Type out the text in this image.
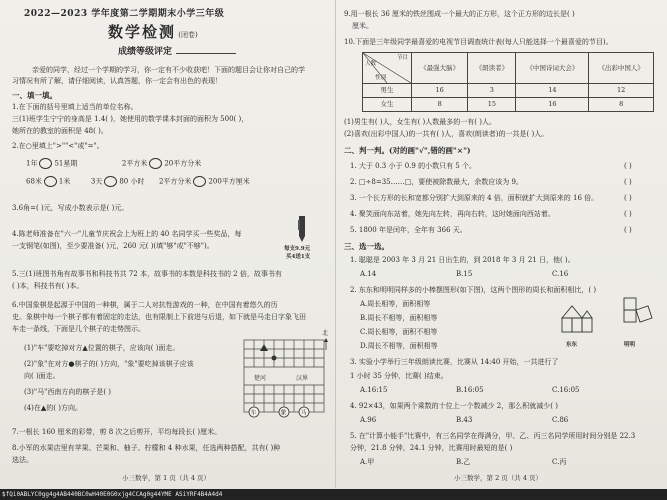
2022—2023 学年度第二学期期末小学三年级
数学检测 (闭卷)
成绩等级评定
亲爱的同学，经过一个学期的学习，你一定有不少收获吧！下面的题目会让你对自己的学
习情况有所了解，请仔细阅读，认真答题，你一定会有出色的表现！
一、填一填。
1.在下面的括号里填上适当的单位名称。
三(1)班学生宁宁的身高是 1.4( )，她使用的数学课本封面的面积为 500( )，
她所在的教室的面积是 48( )。
2.在○里填上">""<"或"="。
1年 51星期	2平方米 20平方分米
68米 1米	3天 80 小时 2平方分米 200平方厘米
3.6角=( )元，写成小数表示是( )元。
4.陈老师准备在"六一"儿童节庆祝会上为班上的 40 名同学买一些奖品，每
一支钢笔(如图)，至少要准备( )元，260 元( )(填"够"或"不够")。	每支9.9元
买4送1支
5.三(1)班图书角有故事书和科技书共 72 本，故事书的本数是科技书的 2 倍，故事书有
( )本，科技书有( )本。
6.中国象棋是起源于中国的一种棋，属于二人对抗性游戏的一种，在中国有着悠久的历
史。象棋中每一个棋子都有着固定的走法，也有限制上下前进与后退，如下就是马走日字象飞田
车走一条线，下面是几个棋子的走势图示。
(1)"车"要吃掉对方▲位置的棋子，应该向( )面走。
(2)"象"在对方●棋子的( )方向，"象"要吃掉该棋子应该
向( )面走。
(3)"马"西南方向的棋子是( )
(4)在▲的( )方向。
楚河	汉界
车	象 马
北
7.一根长 160 厘米的彩带，剪 8 次之后剪开，平均每段长( )厘米。
8.小军的水果店里有苹果、芒果和、柚子、柠檬和 4 种水果，任选两种搭配，共有( )种
选法。
小三数学，第 1 页（共 4 页）
9.用一根长 36 厘米的铁丝围成一个最大的正方形，这个正方形的边长是( )
厘米。
10.下面是三年级同学最喜爱的电视节目调查统计表(每人只能选择一个最喜爱的节目)。
节目
人数
性别	《最强大脑》	《朗读者》	《中国诗词大会》	《出彩中国人》
男生	16	3	14	12
女生	8	15	16	8
(1)男生有( )人，女生有( )人数最多的一有( )人。
(2)喜欢(出彩中国人)的一共有( )人，喜欢(朗读者)的一共是( )人。
二、判一判。(对的画"√",错的画"×")
1. 大于 0.3 小于 0.9 的小数只有 5 个。	( )
2. □÷8=35……□，要使被除数最大，余数应该为 9。	( )
3. 一个长方形的长和宽都分别扩大到原来的 4 倍，面积就扩大到原来的 16 倍。	( )
4. 聚笑面向东站着，她先向左转，再向右转，这时她面向西站着。	( )
5. 1800 年是闰年，全年有 366 天。	( )
三、选一选。
1. 聪聪是 2003 年 3 月 21 日出生的，到 2018 年 3 月 21 日，他( )。
A.14	B.15	C.16
2. 东东和明明同样多的小棒摆图形(如下图)，这两个图形的周长和面积相比，( )
A.周长相等，面积相等
B.周长不相等，面积相等
C.周长相等，面积不相等
D.周长不相等，面积相等	东东	明明
3. 实验小学举行三年级朗读比赛，比赛从 14:40 开始，一共进行了
1 小时 35 分钟，比赛( )结束。
A.16:15	B.16:05	C.16:05
4. 92×43，如果两个乘数的十位上一个数减少 2，那么积就减少( )
A.96	B.43	C.86
5. 在"计算小能手"比赛中，有三名同学在得满分，甲、乙、丙三名同学所用时间分别是 22.3
分钟，21.8 分钟，24.1 分钟，比赛用时最短的是( )
A.甲	B.乙	C.丙
小三数学，第 2 页（共 4 页）
$fQi0ABLYC0gg4g4AB440BC0wH40E0G0xjg4CCAg0g44YME ASiYRF4B4A4d4
